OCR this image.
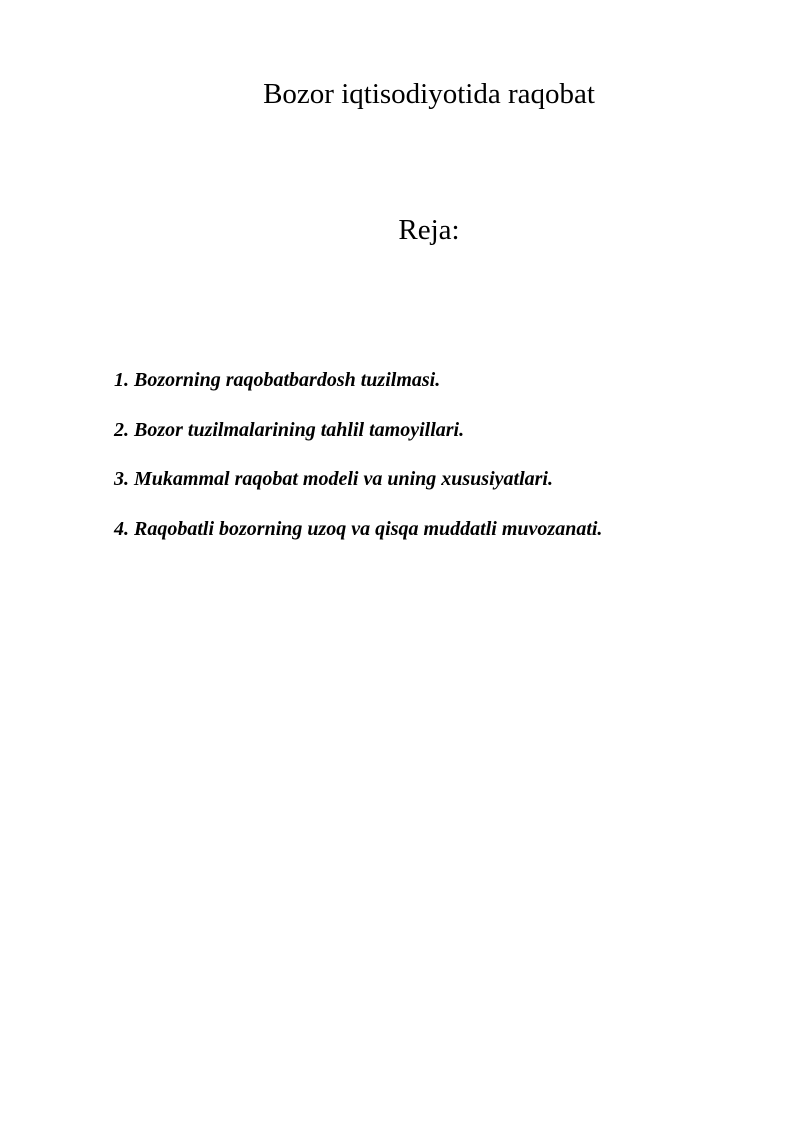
Bozor iqtisodiyotida raqobat
Reja:
1. Bozorning raqobatbardosh tuzilmasi.
2. Bozor tuzilmalarining tahlil tamoyillari.
3. Mukammal raqobat modeli va uning xususiyatlari.
4. Raqobatli bozorning uzoq va qisqa muddatli muvozanati.
